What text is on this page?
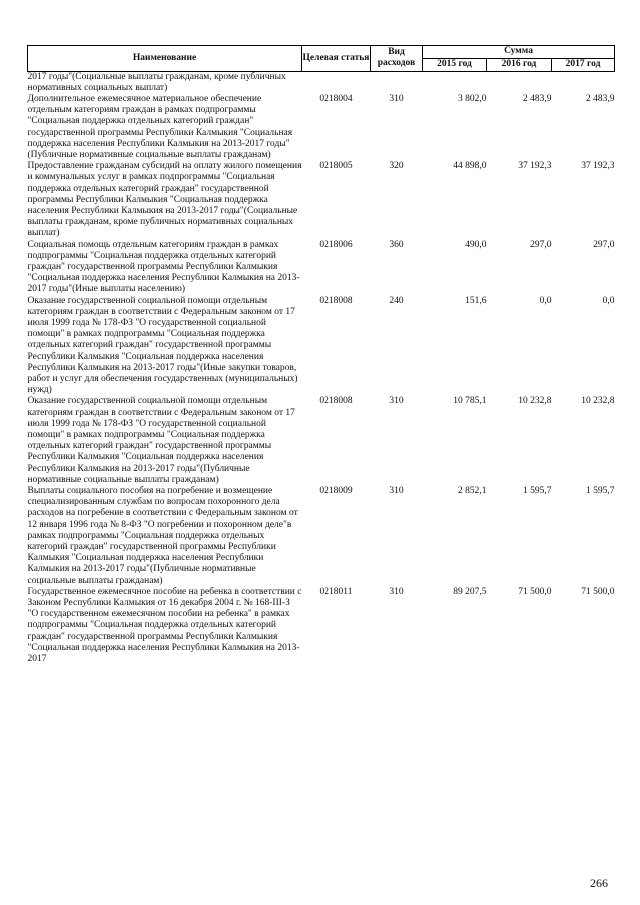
Наименование	Целевая статья	Вид расходов	Сумма		
			2015 год	2016 год	2017 год
2017 годы"(Социальные выплаты гражданам, кроме публичных нормативных социальных выплат)					
Дополнительное ежемесячное материальное обеспечение отдельным категориям граждан в рамках подпрограммы "Социальная поддержка отдельных категорий граждан" государственной программы Республики Калмыкия "Социальная поддержка населения Республики Калмыкия на 2013-2017 годы"(Публичные нормативные социальные выплаты гражданам)	0218004	310	3 802,0	2 483,9	2 483,9
Предоставление гражданам субсидий на оплату жилого помещения и коммунальных услуг в рамках подпрограммы "Социальная поддержка отдельных категорий граждан" государственной программы Республики Калмыкия "Социальная поддержка населения Республики Калмыкия на 2013-2017 годы"(Социальные выплаты гражданам, кроме публичных нормативных социальных выплат)	0218005	320	44 898,0	37 192,3	37 192,3
Социальная помощь отдельным категориям граждан в рамках подпрограммы "Социальная поддержка отдельных категорий граждан" государственной программы Республики Калмыкия "Социальная поддержка населения Республики Калмыкия на 2013-2017 годы"(Иные выплаты населению)	0218006	360	490,0	297,0	297,0
Оказание государственной социальной помощи отдельным категориям граждан в соответствии с Федеральным законом от 17 июля 1999 года № 178-ФЗ "О государственной социальной помощи" в рамках подпрограммы "Социальная поддержка отдельных категорий граждан" государственной программы Республики Калмыкия "Социальная поддержка населения Республики Калмыкия на 2013-2017 годы"(Иные закупки товаров, работ и услуг для обеспечения государственных (муниципальных) нужд)	0218008	240	151,6	0,0	0,0
Оказание государственной социальной помощи отдельным категориям граждан в соответствии с Федеральным законом от 17 июля 1999 года № 178-ФЗ "О государственной социальной помощи" в рамках подпрограммы "Социальная поддержка отдельных категорий граждан" государственной программы Республики Калмыкия "Социальная поддержка населения Республики Калмыкия на 2013-2017 годы"(Публичные нормативные социальные выплаты гражданам)	0218008	310	10 785,1	10 232,8	10 232,8
Выплаты социального пособия на погребение и возмещение специализированным службам по вопросам похоронного дела расходов на погребение в соответствии с Федеральным законом от 12 января 1996 года № 8-ФЗ "О погребении и похоронном деле"в рамках подпрограммы "Социальная поддержка отдельных категорий граждан" государственной программы Республики Калмыкия "Социальная поддержка населения Республики Калмыкия на 2013-2017 годы"(Публичные нормативные социальные выплаты гражданам)	0218009	310	2 852,1	1 595,7	1 595,7
Государственное ежемесячное пособие на ребенка в соответствии с Законом Республики Калмыкия от 16 декабря 2004 г. № 168-III-З "О государственном ежемесячном пособии на ребенка" в рамках подпрограммы "Социальная поддержка отдельных категорий граждан" государственной программы Республики Калмыкия "Социальная поддержка населения Республики Калмыкия на 2013-2017	0218011	310	89 207,5	71 500,0	71 500,0
266
